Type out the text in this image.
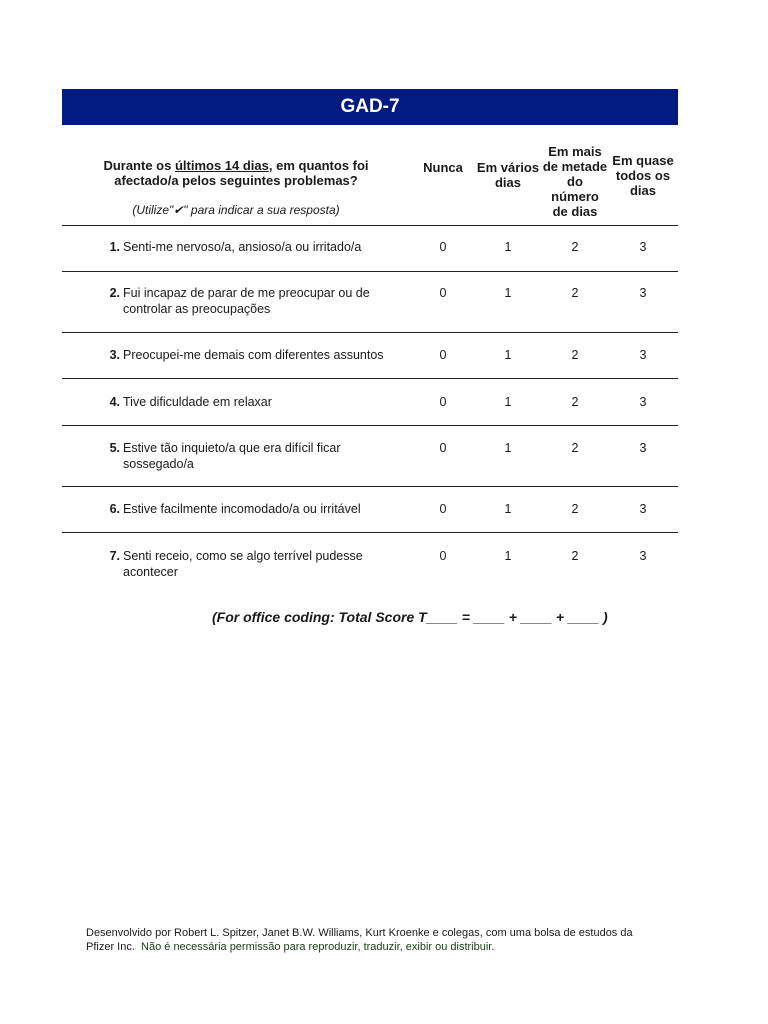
GAD-7
Durante os últimos 14 dias, em quantos foi afectado/a pelos seguintes problemas?
(Utilize"✔" para indicar a sua resposta)
Nunca	Em vários dias
Em mais de metade do número de dias
Em quase todos os dias
1. Senti-me nervoso/a, ansioso/a ou irritado/a	0	1	2	3
2. Fui incapaz de parar de me preocupar ou de controlar as preocupações
0	1	2	3
3. Preocupei-me demais com diferentes assuntos	0	1	2	3
4. Tive dificuldade em relaxar	0	1	2	3
5. Estive tão inquieto/a que era difícil ficar sossegado/a
0	1	2	3
6. Estive facilmente incomodado/a ou irritável	0	1	2	3
7. Senti receio, como se algo terrível pudesse acontecer
0	1	2	3
(For office coding: Total Score T____ = ____ + ____ + ____ )
Desenvolvido por Robert L. Spitzer, Janet B.W. Williams, Kurt Kroenke e colegas, com uma bolsa de estudos da Pfizer Inc. Não é necessária permissão para reproduzir, traduzir, exibir ou distribuir.
